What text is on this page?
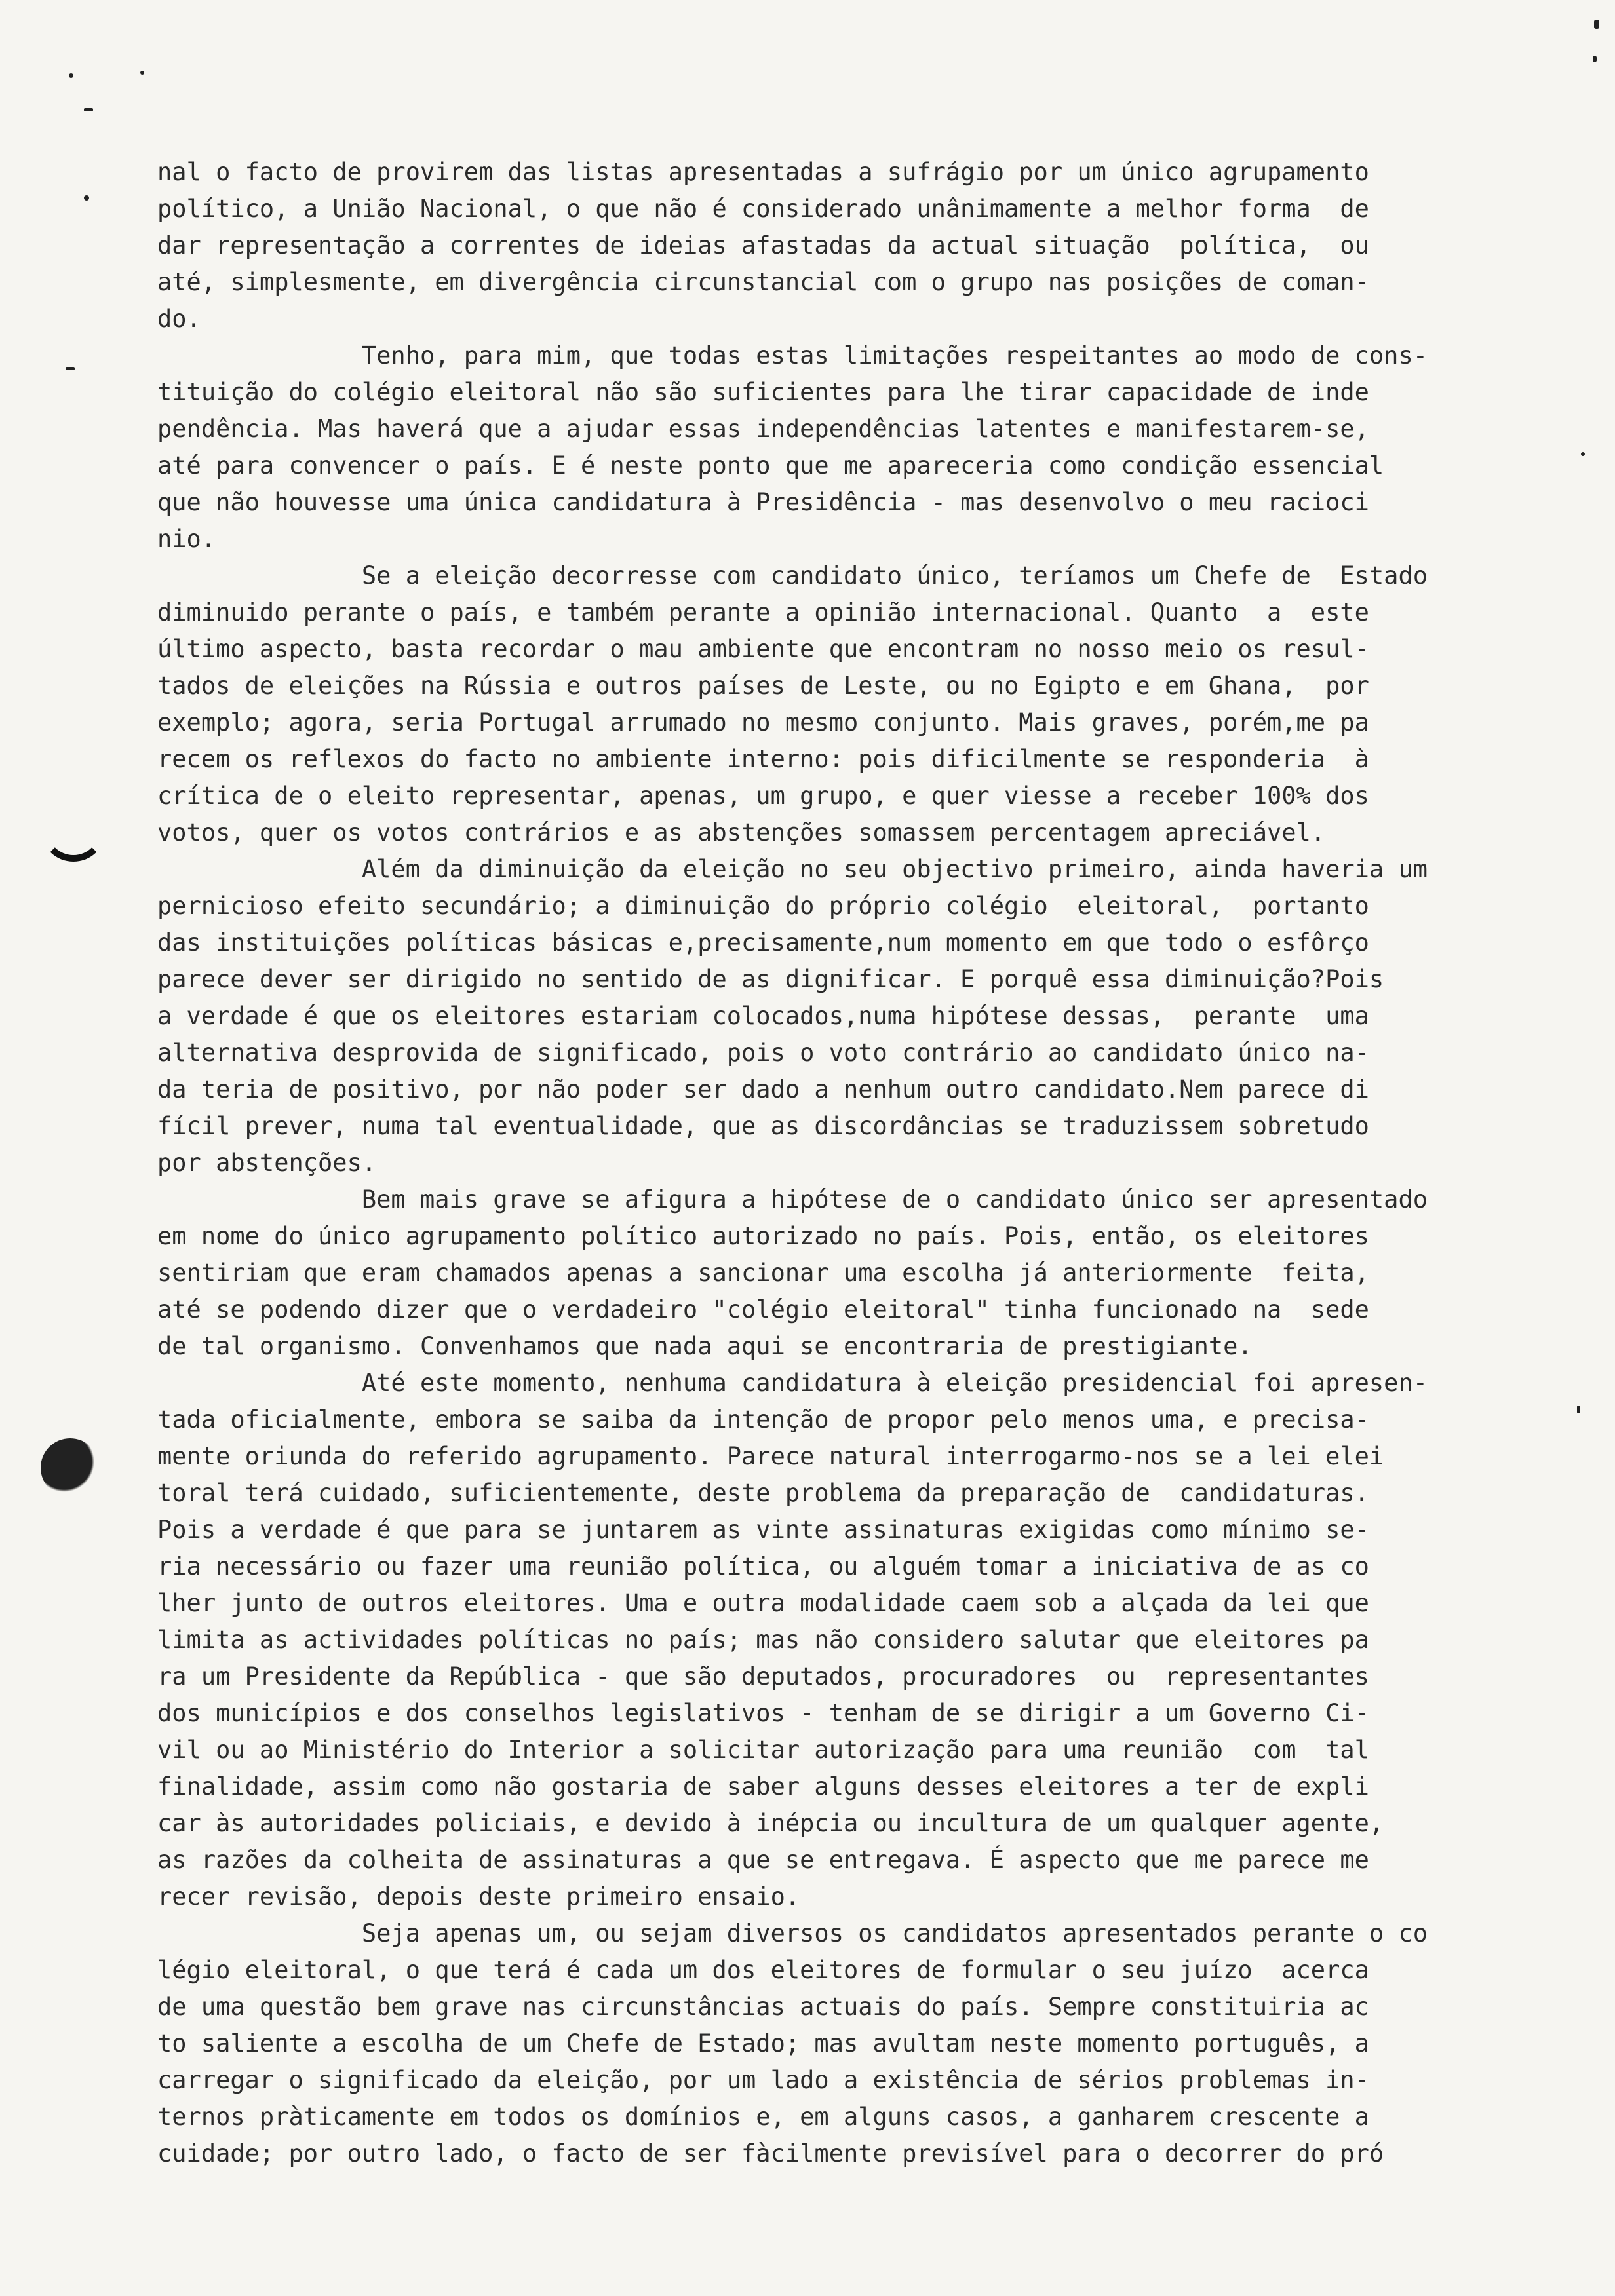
nal o facto de provirem das listas apresentadas a sufrágio por um único agrupamento
político, a União Nacional, o que não é considerado unânimamente a melhor forma  de
dar representação a correntes de ideias afastadas da actual situação  política,  ou
até, simplesmente, em divergência circunstancial com o grupo nas posições de coman-
do.
Tenho, para mim, que todas estas limitações respeitantes ao modo de cons-
tituição do colégio eleitoral não são suficientes para lhe tirar capacidade de inde
pendência. Mas haverá que a ajudar essas independências latentes e manifestarem-se,
até para convencer o país. E é neste ponto que me apareceria como condição essencial
que não houvesse uma única candidatura à Presidência - mas desenvolvo o meu racioci
nio.
Se a eleição decorresse com candidato único, teríamos um Chefe de  Estado
diminuido perante o país, e também perante a opinião internacional. Quanto  a  este
último aspecto, basta recordar o mau ambiente que encontram no nosso meio os resul-
tados de eleições na Rússia e outros países de Leste, ou no Egipto e em Ghana,  por
exemplo; agora, seria Portugal arrumado no mesmo conjunto. Mais graves, porém,me pa
recem os reflexos do facto no ambiente interno: pois dificilmente se responderia  à
crítica de o eleito representar, apenas, um grupo, e quer viesse a receber 100% dos
votos, quer os votos contrários e as abstenções somassem percentagem apreciável.
Além da diminuição da eleição no seu objectivo primeiro, ainda haveria um
pernicioso efeito secundário; a diminuição do próprio colégio  eleitoral,  portanto
das instituições políticas básicas e,precisamente,num momento em que todo o esfôrço
parece dever ser dirigido no sentido de as dignificar. E porquê essa diminuição?Pois
a verdade é que os eleitores estariam colocados,numa hipótese dessas,  perante  uma
alternativa desprovida de significado, pois o voto contrário ao candidato único na-
da teria de positivo, por não poder ser dado a nenhum outro candidato.Nem parece di
fícil prever, numa tal eventualidade, que as discordâncias se traduzissem sobretudo
por abstenções.
Bem mais grave se afigura a hipótese de o candidato único ser apresentado
em nome do único agrupamento político autorizado no país. Pois, então, os eleitores
sentiriam que eram chamados apenas a sancionar uma escolha já anteriormente  feita,
até se podendo dizer que o verdadeiro "colégio eleitoral" tinha funcionado na  sede
de tal organismo. Convenhamos que nada aqui se encontraria de prestigiante.
Até este momento, nenhuma candidatura à eleição presidencial foi apresen-
tada oficialmente, embora se saiba da intenção de propor pelo menos uma, e precisa-
mente oriunda do referido agrupamento. Parece natural interrogarmo-nos se a lei elei
toral terá cuidado, suficientemente, deste problema da preparação de  candidaturas.
Pois a verdade é que para se juntarem as vinte assinaturas exigidas como mínimo se-
ria necessário ou fazer uma reunião política, ou alguém tomar a iniciativa de as co
lher junto de outros eleitores. Uma e outra modalidade caem sob a alçada da lei que
limita as actividades políticas no país; mas não considero salutar que eleitores pa
ra um Presidente da República - que são deputados, procuradores  ou  representantes
dos municípios e dos conselhos legislativos - tenham de se dirigir a um Governo Ci-
vil ou ao Ministério do Interior a solicitar autorização para uma reunião  com  tal
finalidade, assim como não gostaria de saber alguns desses eleitores a ter de expli
car às autoridades policiais, e devido à inépcia ou incultura de um qualquer agente,
as razões da colheita de assinaturas a que se entregava. É aspecto que me parece me
recer revisão, depois deste primeiro ensaio.
Seja apenas um, ou sejam diversos os candidatos apresentados perante o co
légio eleitoral, o que terá é cada um dos eleitores de formular o seu juízo  acerca
de uma questão bem grave nas circunstâncias actuais do país. Sempre constituiria ac
to saliente a escolha de um Chefe de Estado; mas avultam neste momento português, a
carregar o significado da eleição, por um lado a existência de sérios problemas in-
ternos pràticamente em todos os domínios e, em alguns casos, a ganharem crescente a
cuidade; por outro lado, o facto de ser fàcilmente previsível para o decorrer do pró
